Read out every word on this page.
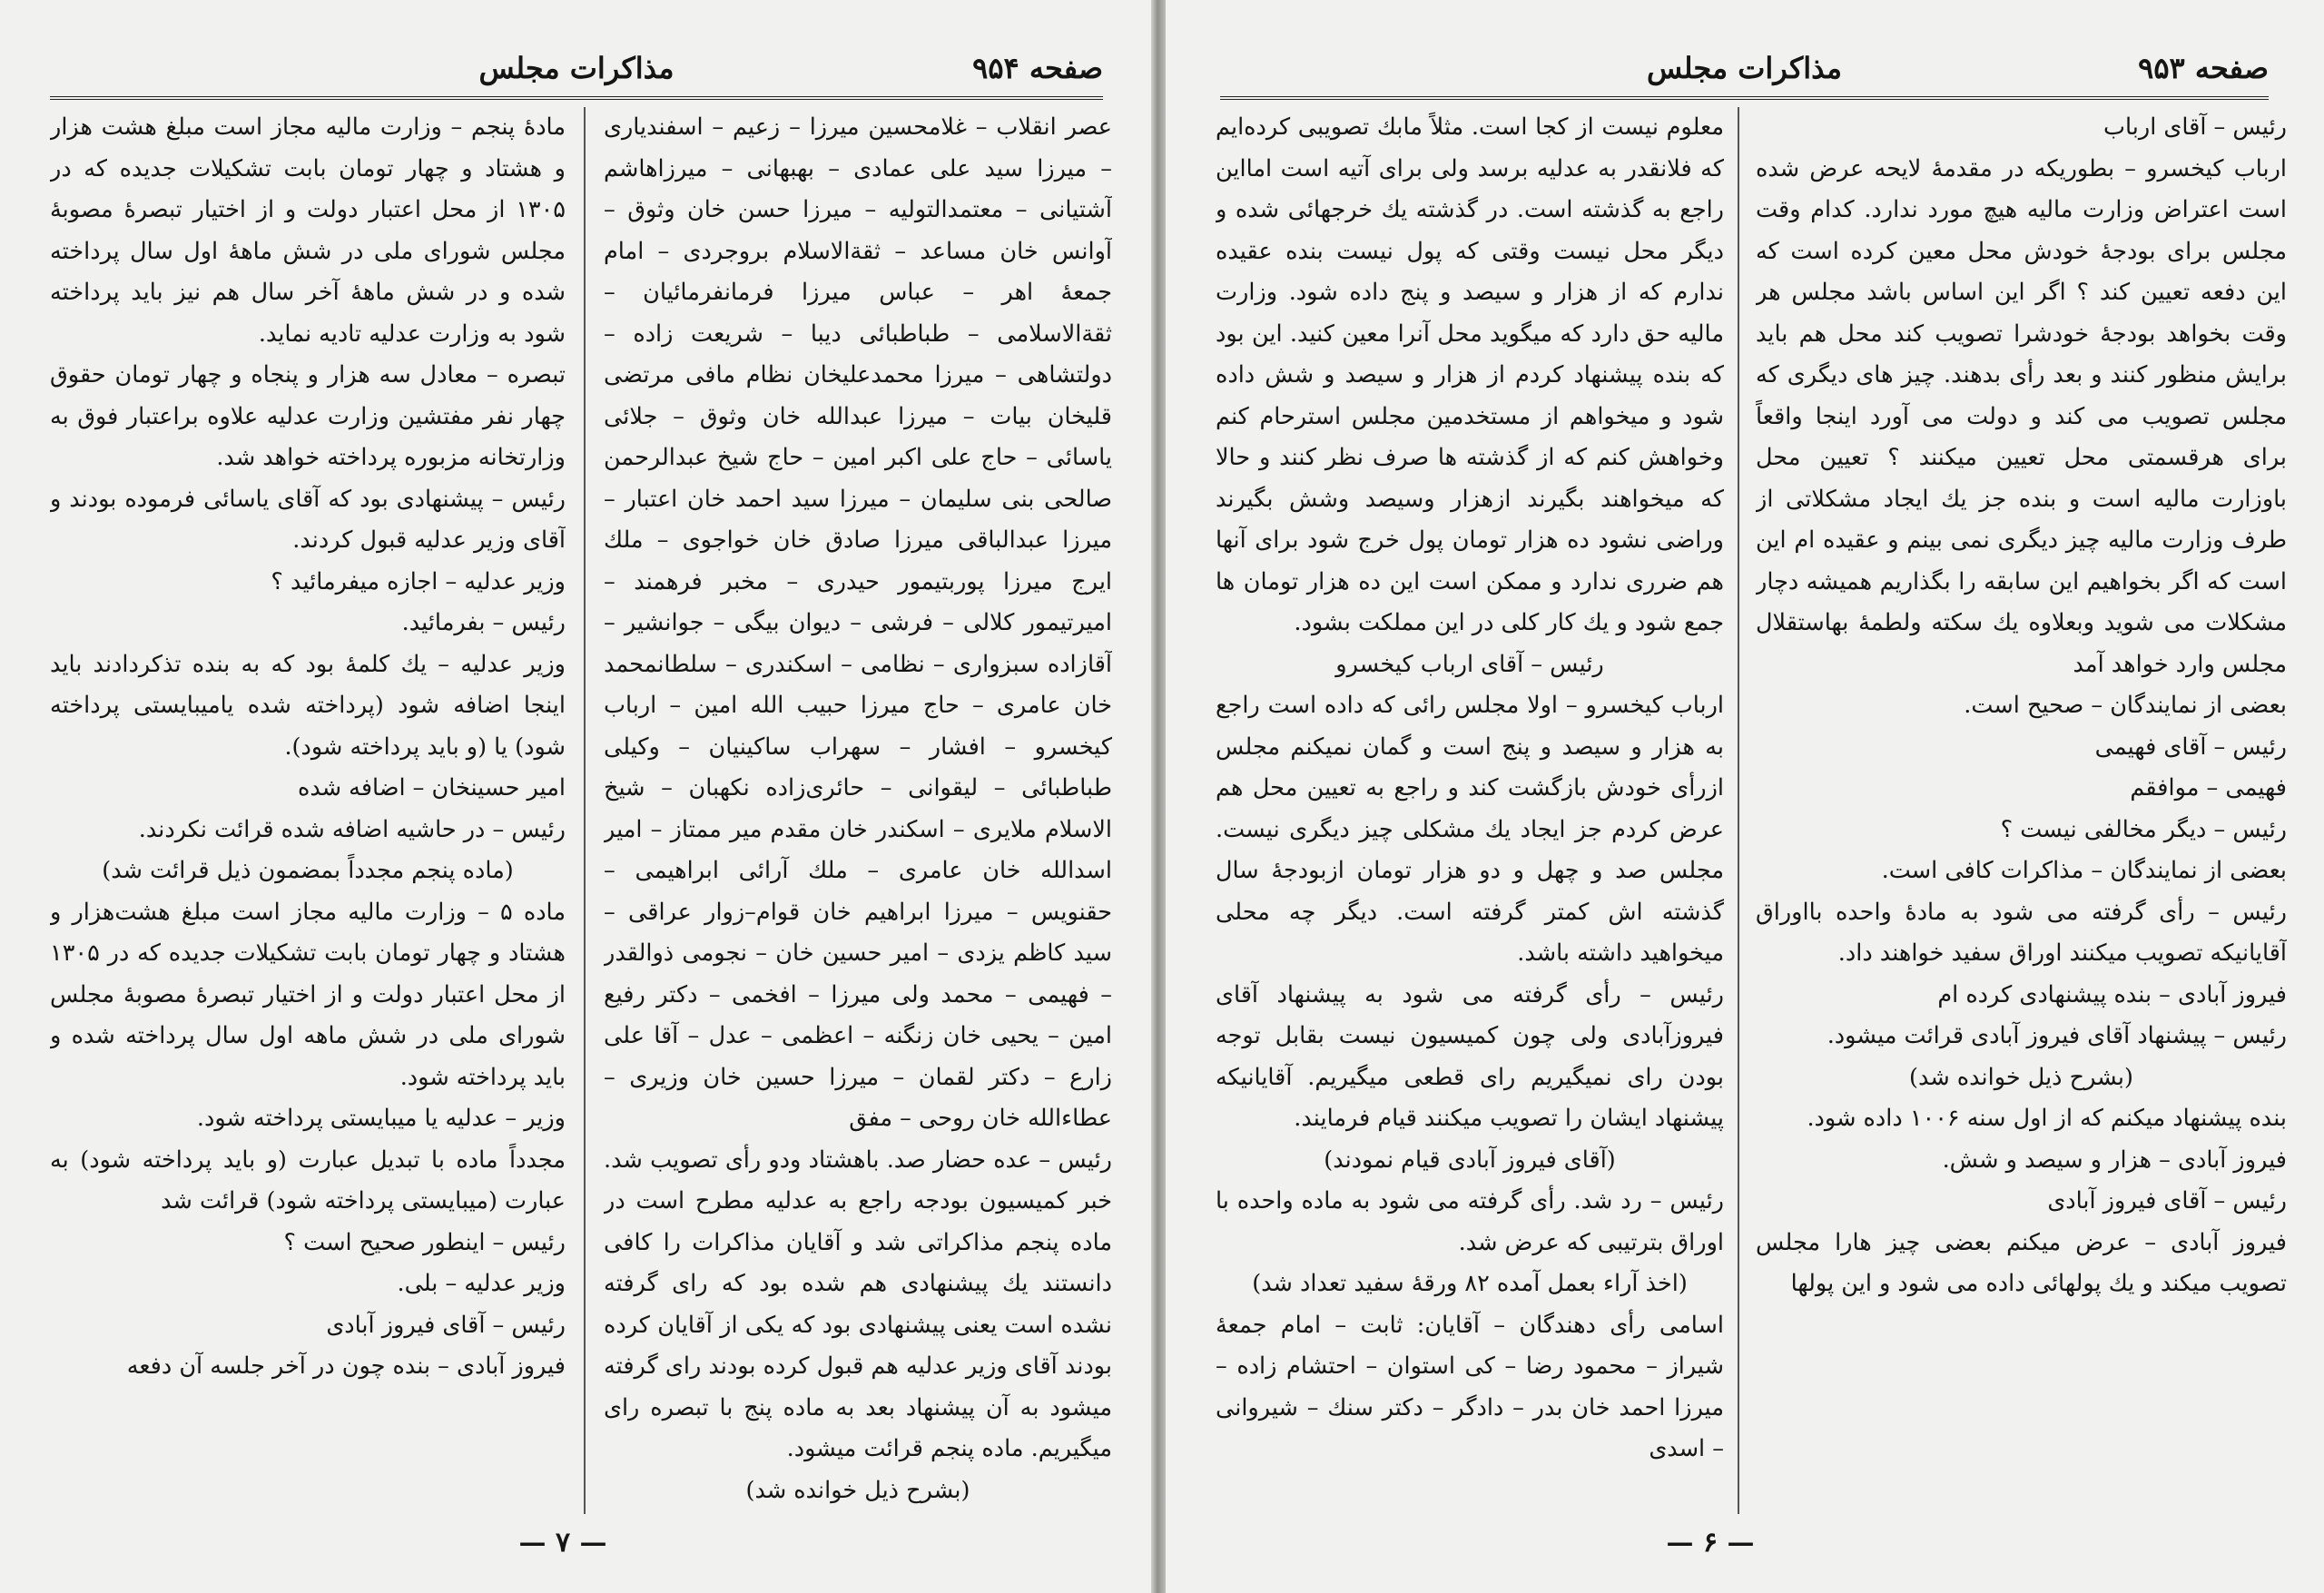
مذاکرات مجلس	صفحه ۹۵۴

عصر انقلاب – غلامحسین میرزا – زعیم – اسفندیاری – میرزا سید علی عمادی – بهبهانی – میرزاهاشم آشتیانی – معتمدالتولیه – میرزا حسن خان وثوق – آوانس خان مساعد – ثقة‌الاسلام بروجردی – امام جمعهٔ اهر – عباس میرزا فرمانفرمائیان – ثقة‌الاسلامی – طباطبائی دیبا – شریعت زاده – دولتشاهی – میرزا محمدعلیخان نظام مافی مرتضی قلیخان بیات – میرزا عبدالله خان وثوق – جلائی یاسائی – حاج علی اکبر امین – حاج شیخ عبدالرحمن صالحی بنی سلیمان – میرزا سید احمد خان اعتبار – میرزا عبدالباقی میرزا صادق خان خواجوی – ملك ایرج میرزا پوربتیمور حیدری – مخبر فرهمند – امیرتیمور کلالی – فرشی – دیوان بیگی – جوانشیر – آقازاده سبزواری – نظامی – اسکندری – سلطانمحمد خان عامری – حاج میرزا حبیب الله امین – ارباب کیخسرو – افشار – سهراب ساکینیان – وکیلی طباطبائی – لیقوانی – حائری‌زاده نکهبان – شیخ الاسلام ملایری – اسکندر خان مقدم میر ممتاز – امیر اسدالله خان عامری – ملك آرائی ابراهیمی – حقنویس – میرزا ابراهیم خان قوام–زوار عراقی – سید کاظم یزدی – امیر حسین خان – نجومی ذوالقدر – فهیمی – محمد ولی میرزا – افخمی – دکتر رفیع امین – یحیی خان زنگنه – اعظمی – عدل – آقا علی زارع – دکتر لقمان – میرزا حسین خان وزیری – عطاءالله خان روحی – مفق

رئیس – عده حضار صد. باهشتاد ودو رأی تصویب شد. خبر کمیسیون بودجه راجع به عدلیه مطرح است در ماده پنجم مذاکراتی شد و آقایان مذاکرات را کافی دانستند یك پیشنهادی هم شده بود که رای گرفته نشده است یعنی پیشنهادی بود که یکی از آقایان کرده بودند آقای وزیر عدلیه هم قبول کرده بودند رای گرفته میشود به آن پیشنهاد بعد به ماده پنج با تبصره رای میگیریم. ماده پنجم قرائت میشود.

(بشرح ذیل خوانده شد)

مادهٔ پنجم – وزارت مالیه مجاز است مبلغ هشت هزار و هشتاد و چهار تومان بابت تشکیلات جدیده که در ۱۳۰۵ از محل اعتبار دولت و از اختیار تبصرهٔ مصوبهٔ مجلس شورای ملی در شش ماههٔ اول سال پرداخته شده و در شش ماههٔ آخر سال هم نیز باید پرداخته شود به وزارت عدلیه تادیه نماید.

تبصره – معادل سه هزار و پنجاه و چهار تومان حقوق چهار نفر مفتشین وزارت عدلیه علاوه براعتبار فوق به وزارتخانه مزبوره پرداخته خواهد شد.

رئیس – پیشنهادی بود که آقای یاسائی فرموده بودند و آقای وزیر عدلیه قبول کردند.

وزیر عدلیه – اجازه میفرمائید ؟

رئیس – بفرمائید.

وزیر عدلیه – یك کلمهٔ بود که به بنده تذکردادند باید اینجا اضافه شود (پرداخته شده یامیبایستی پرداخته شود) یا (و باید پرداخته شود).

امیر حسینخان – اضافه شده

رئیس – در حاشیه اضافه شده قرائت نکردند.

(ماده پنجم مجدداً بمضمون ذیل قرائت شد)

ماده ۵ – وزارت مالیه مجاز است مبلغ هشت‌هزار و هشتاد و چهار تومان بابت تشکیلات جدیده که در ۱۳۰۵ از محل اعتبار دولت و از اختیار تبصرهٔ مصوبهٔ مجلس شورای ملی در شش ماهه اول سال پرداخته شده و باید پرداخته شود.

وزیر – عدلیه یا میبایستی پرداخته شود.

مجدداً ماده با تبدیل عبارت (و باید پرداخته شود) به عبارت (میبایستی پرداخته شود) قرائت شد

رئیس – اینطور صحیح است ؟

وزیر عدلیه – بلی.

رئیس – آقای فیروز آبادی

فیروز آبادی – بنده چون در آخر جلسه آن دفعه

— ۷ —
مذاکرات مجلس	صفحه ۹۵۳

رئیس – آقای ارباب

ارباب کیخسرو – بطوریکه در مقدمهٔ لایحه عرض شده است اعتراض وزارت مالیه هیچ مورد ندارد. کدام وقت مجلس برای بودجهٔ خودش محل معین کرده است که این دفعه تعیین کند ؟ اگر این اساس باشد مجلس هر وقت بخواهد بودجهٔ خودشرا تصویب کند محل هم باید برایش منظور کنند و بعد رأی بدهند. چیز های دیگری که مجلس تصویب می کند و دولت می آورد اینجا واقعاً برای هرقسمتی محل تعیین میکنند ؟ تعیین محل باوزارت مالیه است و بنده جز یك ایجاد مشکلاتی از طرف وزارت مالیه چیز دیگری نمی بینم و عقیده ام این است که اگر بخواهیم این سابقه را بگذاریم همیشه دچار مشکلات می شوید وبعلاوه یك سکته ولطمهٔ بهاستقلال مجلس وارد خواهد آمد

بعضی از نمایندگان – صحیح است.

رئیس – آقای فهیمی

فهیمی – موافقم

رئیس – دیگر مخالفی نیست ؟

بعضی از نمایندگان – مذاکرات کافی است.

رئیس – رأی گرفته می شود به مادهٔ واحده بااوراق آقایانیکه تصویب میکنند اوراق سفید خواهند داد.

فیروز آبادی – بنده پیشنهادی کرده ام

رئیس – پیشنهاد آقای فیروز آبادی قرائت میشود.

(بشرح ذیل خوانده شد)

بنده پیشنهاد میکنم که از اول سنه ۱۰۰۶ داده شود.

فیروز آبادی – هزار و سیصد و شش.

رئیس – آقای فیروز آبادی

فیروز آبادی – عرض میکنم بعضی چیز هارا مجلس تصویب میکند و یك پولهائی داده می شود و این پولها

معلوم نیست از کجا است. مثلاً مابك تصویبی کرده‌ایم که فلانقدر به عدلیه برسد ولی برای آتیه است امااین راجع به گذشته است. در گذشته یك خرجهائی شده و دیگر محل نیست وقتی که پول نیست بنده عقیده ندارم که از هزار و سیصد و پنج داده شود. وزارت مالیه حق دارد که میگوید محل آنرا معین کنید. این بود که بنده پیشنهاد کردم از هزار و سیصد و شش داده شود و میخواهم از مستخدمین مجلس استرحام کنم وخواهش کنم که از گذشته ها صرف نظر کنند و حالا که میخواهند بگیرند ازهزار وسیصد وشش بگیرند وراضی نشود ده هزار تومان پول خرج شود برای آنها هم ضرری ندارد و ممکن است این ده هزار تومان ها جمع شود و یك کار کلی در این مملکت بشود.

رئیس – آقای ارباب کیخسرو

ارباب کیخسرو – اولا مجلس رائی که داده است راجع به هزار و سیصد و پنج است و گمان نمیکنم مجلس ازرأی خودش بازگشت کند و راجع به تعیین محل هم عرض کردم جز ایجاد یك مشکلی چیز دیگری نیست. مجلس صد و چهل و دو هزار تومان ازبودجهٔ سال گذشته اش کمتر گرفته است. دیگر چه محلی میخواهید داشته باشد.

رئیس – رأی گرفته می شود به پیشنهاد آقای فیروزآبادی ولی چون کمیسیون نیست بقابل توجه بودن رای نمیگیریم رای قطعی میگیریم. آقایانیکه پیشنهاد ایشان را تصویب میکنند قیام فرمایند.

(آقای فیروز آبادی قیام نمودند)

رئیس – رد شد. رأی گرفته می شود به ماده واحده با اوراق بترتیبی که عرض شد.

(اخذ آراء بعمل آمده ۸۲ ورقهٔ سفید تعداد شد)

اسامی رأی دهندگان – آقایان: ثابت – امام جمعهٔ شیراز – محمود رضا – کی استوان – احتشام زاده – میرزا احمد خان بدر – دادگر – دکتر سنك – شیروانی – اسدی

— ۶ —
